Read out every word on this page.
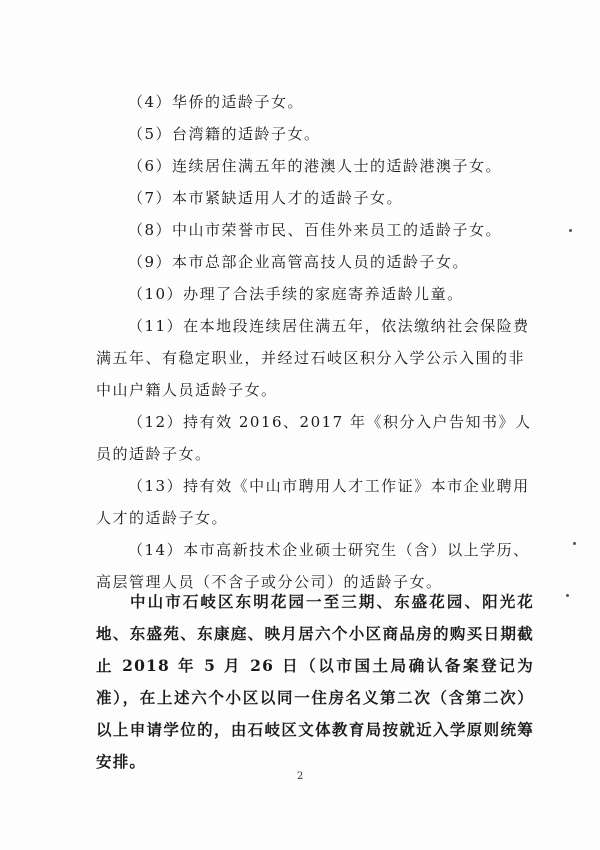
（4）华侨的适龄子女。

（5）台湾籍的适龄子女。

（6）连续居住满五年的港澳人士的适龄港澳子女。

（7）本市紧缺适用人才的适龄子女。

（8）中山市荣誉市民、百佳外来员工的适龄子女。

（9）本市总部企业高管高技人员的适龄子女。

（10）办理了合法手续的家庭寄养适龄儿童。

（11）在本地段连续居住满五年，依法缴纳社会保险费满五年、有稳定职业，并经过石岐区积分入学公示入围的非中山户籍人员适龄子女。

（12）持有效 2016、2017 年《积分入户告知书》人员的适龄子女。

（13）持有效《中山市聘用人才工作证》本市企业聘用人才的适龄子女。

（14）本市高新技术企业硕士研究生（含）以上学历、高层管理人员（不含子或分公司）的适龄子女。

中山市石岐区东明花园一至三期、东盛花园、阳光花地、东盛苑、东康庭、映月居六个小区商品房的购买日期截止 2018 年 5 月 26 日（以市国土局确认备案登记为准），在上述六个小区以同一住房名义第二次（含第二次）以上申请学位的，由石岐区文体教育局按就近入学原则统筹安排。

2
